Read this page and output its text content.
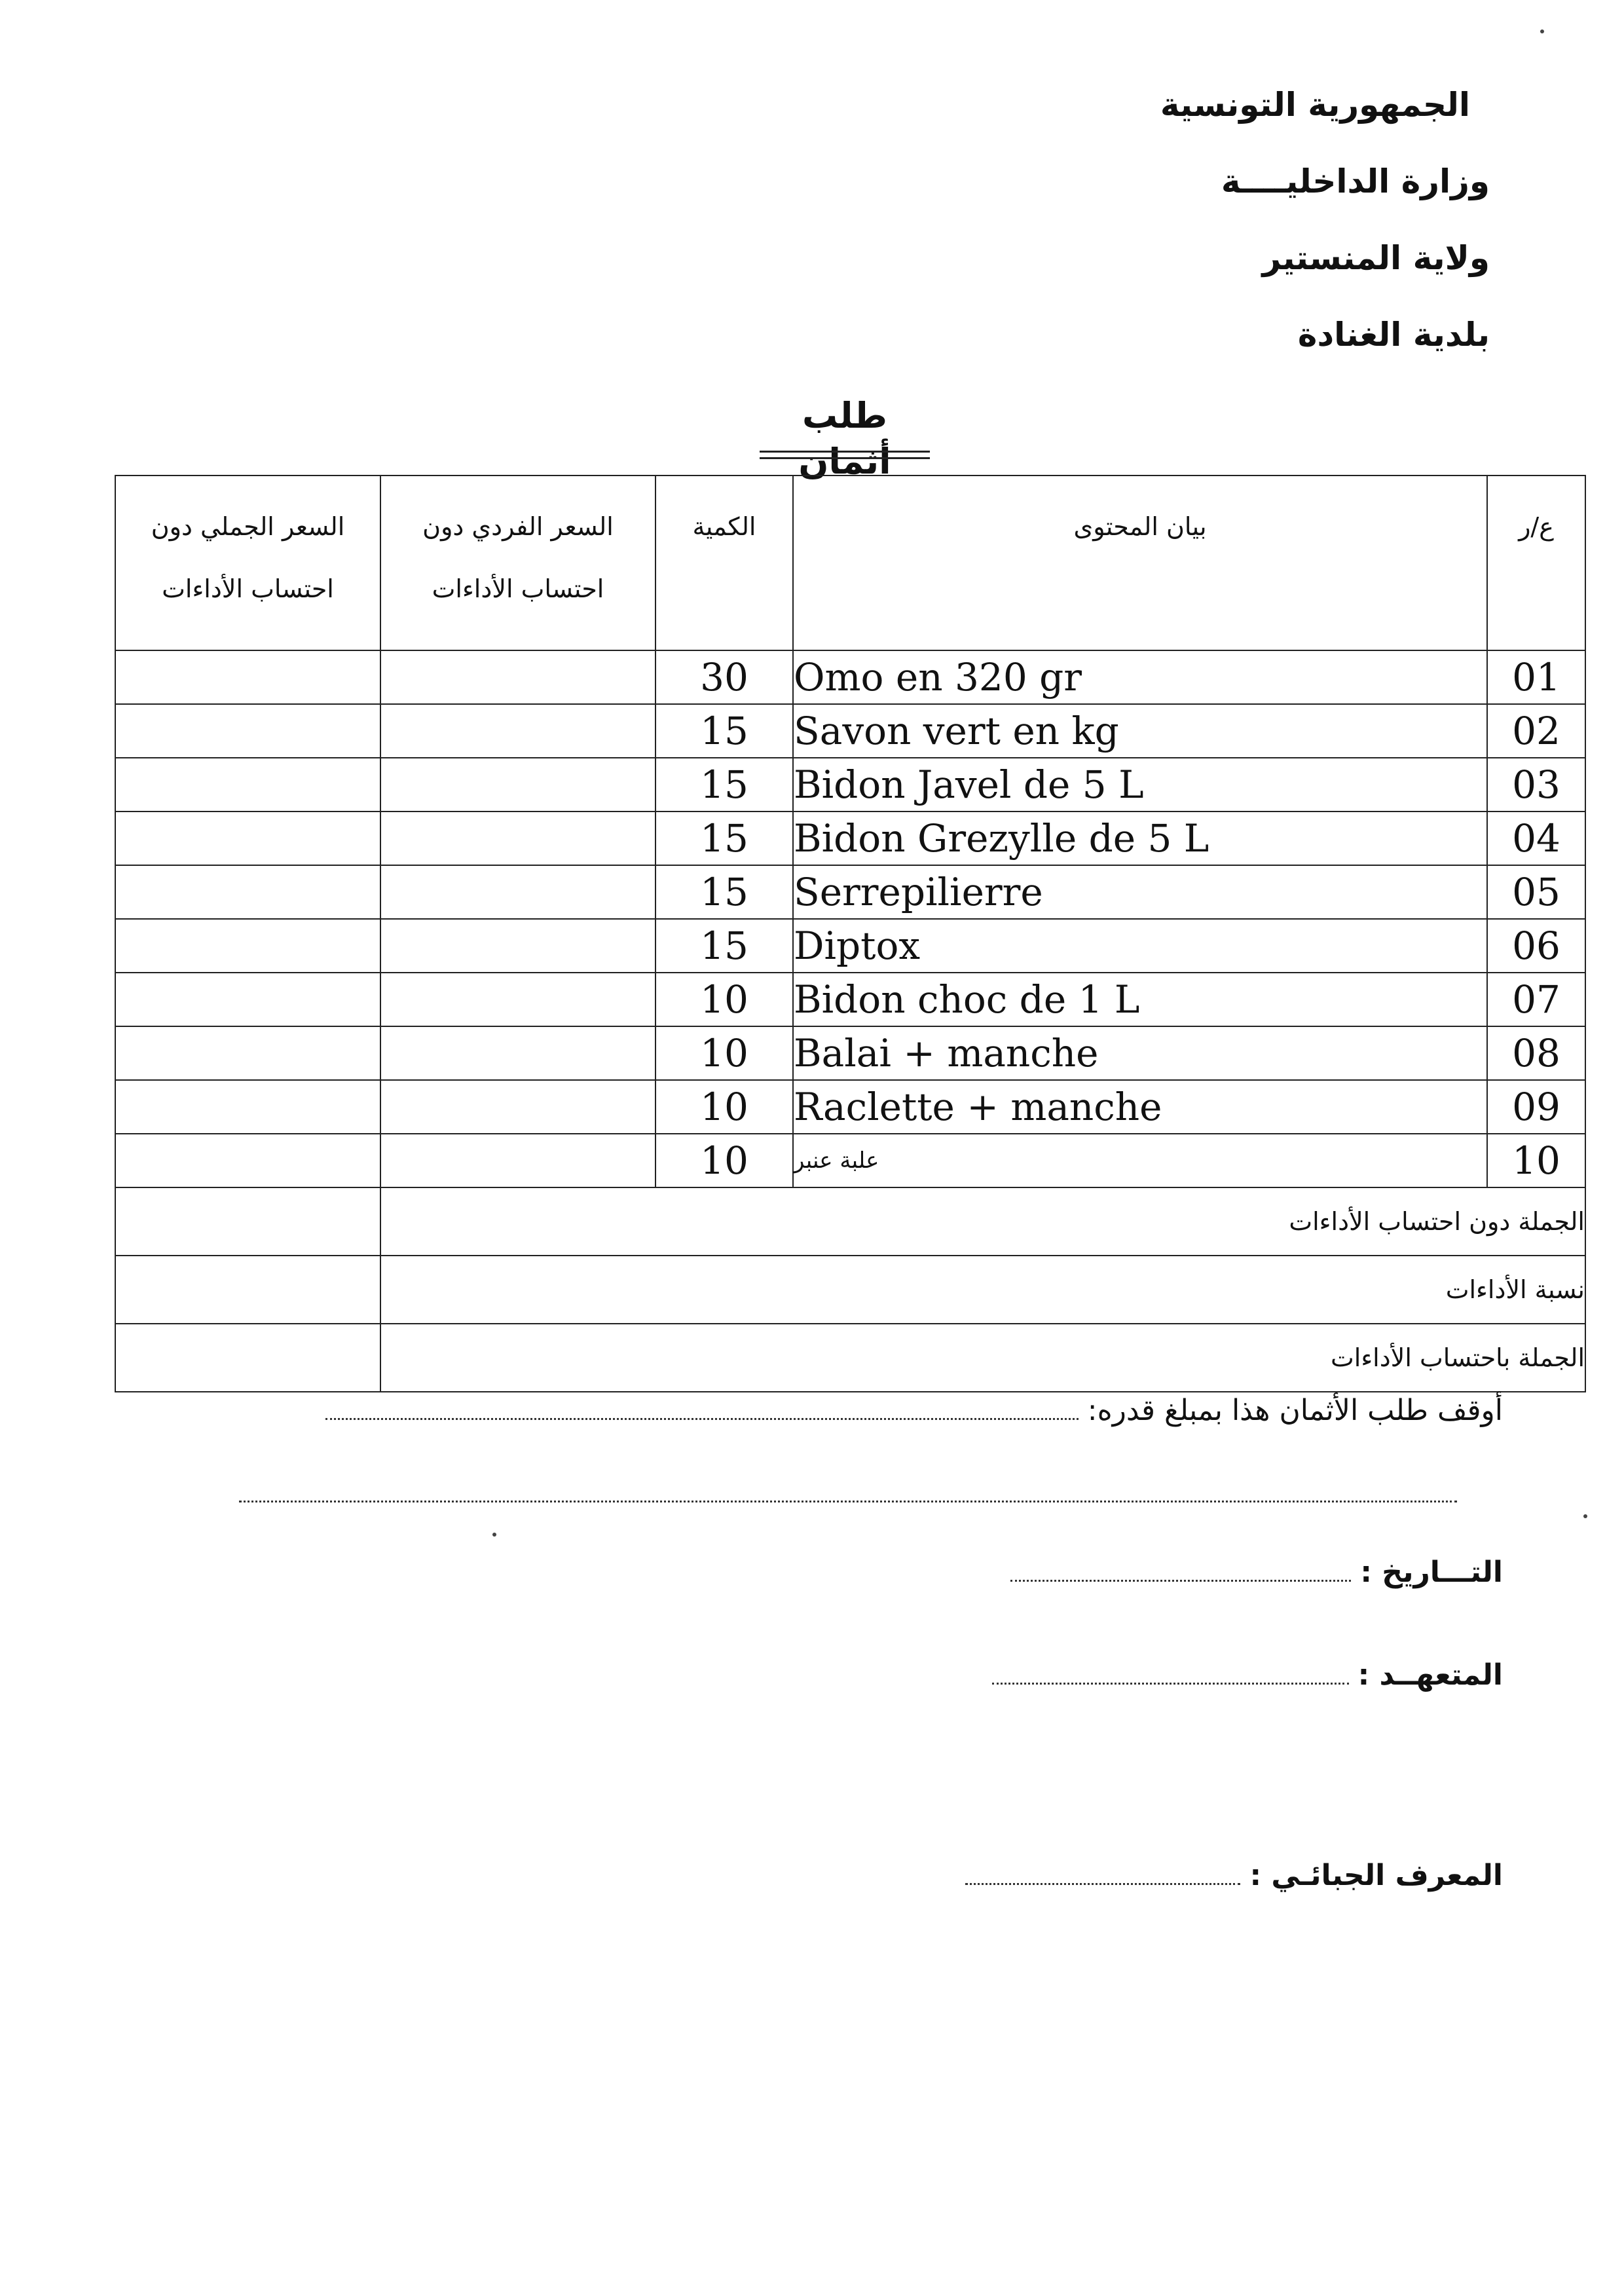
الجمهورية التونسية
وزارة الداخليــــة
ولاية المنستير
بلدية الغنادة
طلب أثمان
ع/ر	بيان المحتوى	الكمية	السعر الفردي دون احتساب الأداءات	السعر الجملي دون احتساب الأداءات
01	Omo en 320 gr	30		
02	Savon vert en kg	15		
03	Bidon Javel de 5 L	15		
04	Bidon Grezylle de 5 L	15		
05	Serrepilierre	15		
06	Diptox	15		
07	Bidon choc de 1 L	10		
08	Balai + manche	10		
09	Raclette + manche	10		
10	علبة عنبر	10		
الجملة دون احتساب الأداءات				
نسبة الأداءات				
الجملة باحتساب الأداءات				
أوقف طلب الأثمان هذا بمبلغ قدره:
التـــاريخ :
المتعهــد :
المعرف الجبائـي :
